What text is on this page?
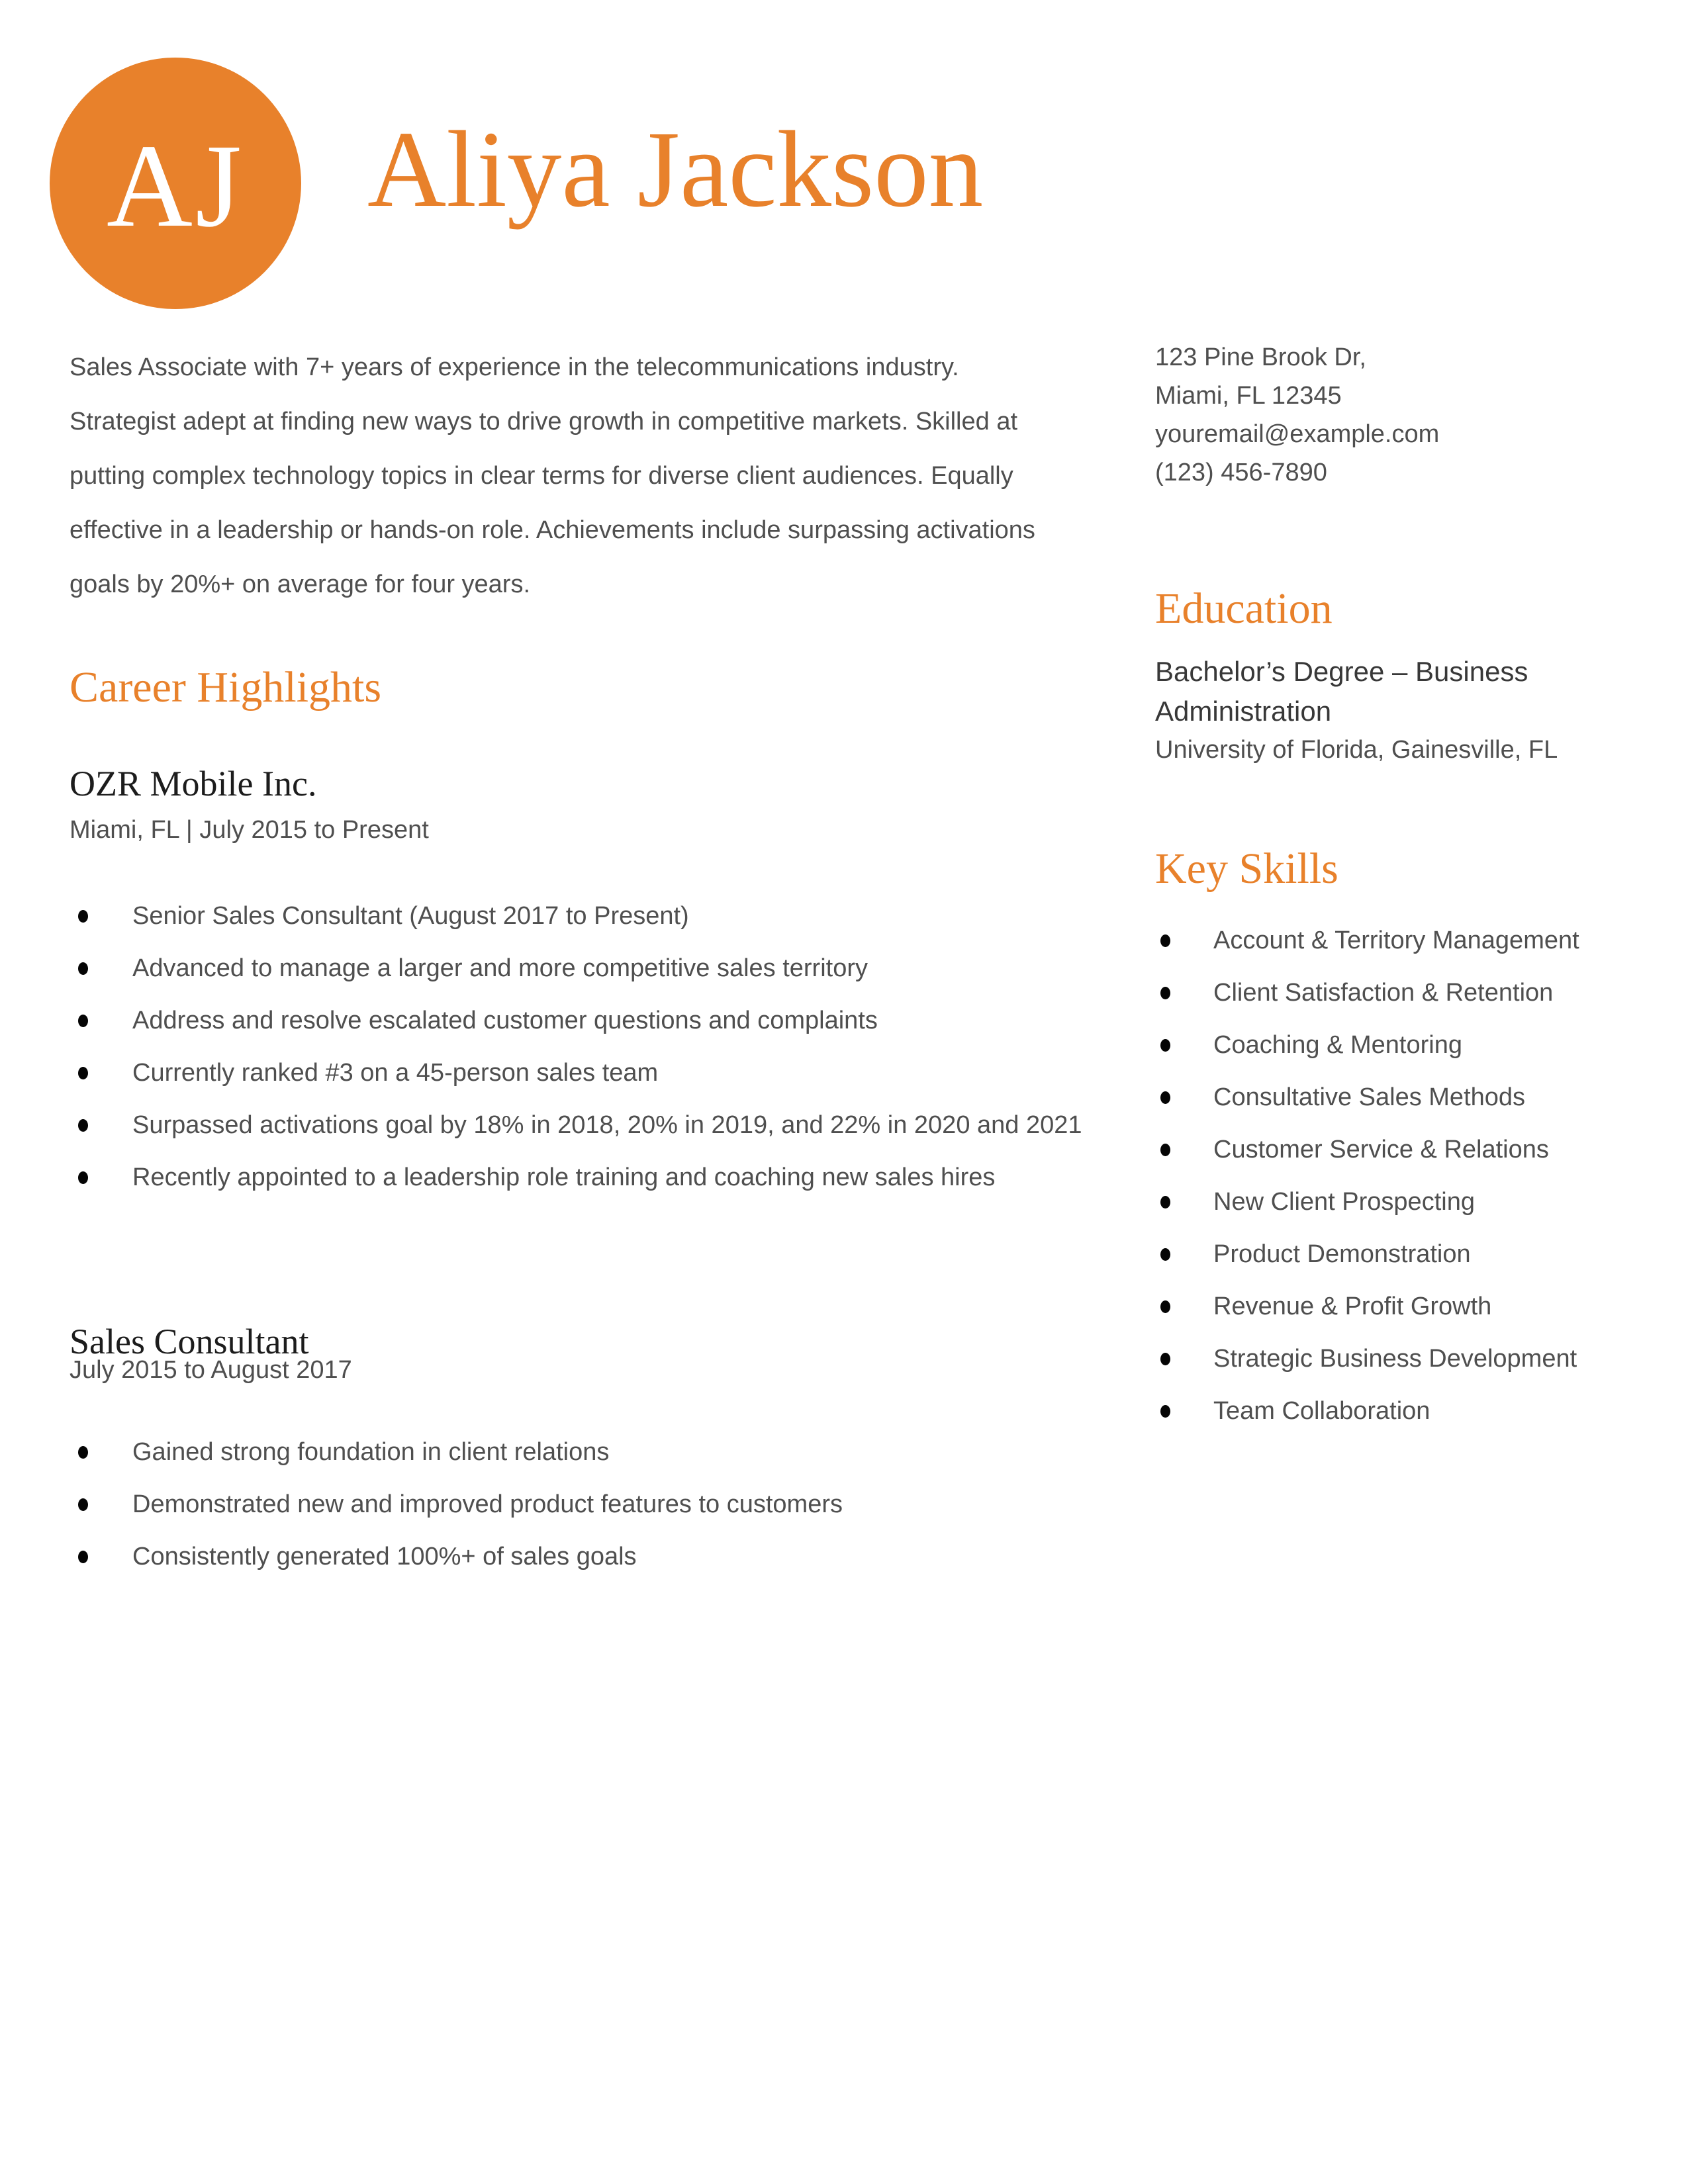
AJ Aliya Jackson
Sales Associate with 7+ years of experience in the telecommunications industry.
Strategist adept at finding new ways to drive growth in competitive markets. Skilled at
putting complex technology topics in clear terms for diverse client audiences. Equally
effective in a leadership or hands-on role. Achievements include surpassing activations
goals by 20%+ on average for four years.
Career Highlights
OZR Mobile Inc.
Miami, FL | July 2015 to Present
Senior Sales Consultant (August 2017 to Present)
Advanced to manage a larger and more competitive sales territory
Address and resolve escalated customer questions and complaints
Currently ranked #3 on a 45-person sales team
Surpassed activations goal by 18% in 2018, 20% in 2019, and 22% in 2020 and 2021
Recently appointed to a leadership role training and coaching new sales hires
Sales Consultant
July 2015 to August 2017
Gained strong foundation in client relations
Demonstrated new and improved product features to customers
Consistently generated 100%+ of sales goals
123 Pine Brook Dr,
Miami, FL 12345
youremail@example.com
(123) 456-7890
Education
Bachelor’s Degree – Business Administration
University of Florida, Gainesville, FL
Key Skills
Account & Territory Management
Client Satisfaction & Retention
Coaching & Mentoring
Consultative Sales Methods
Customer Service & Relations
New Client Prospecting
Product Demonstration
Revenue & Profit Growth
Strategic Business Development
Team Collaboration
